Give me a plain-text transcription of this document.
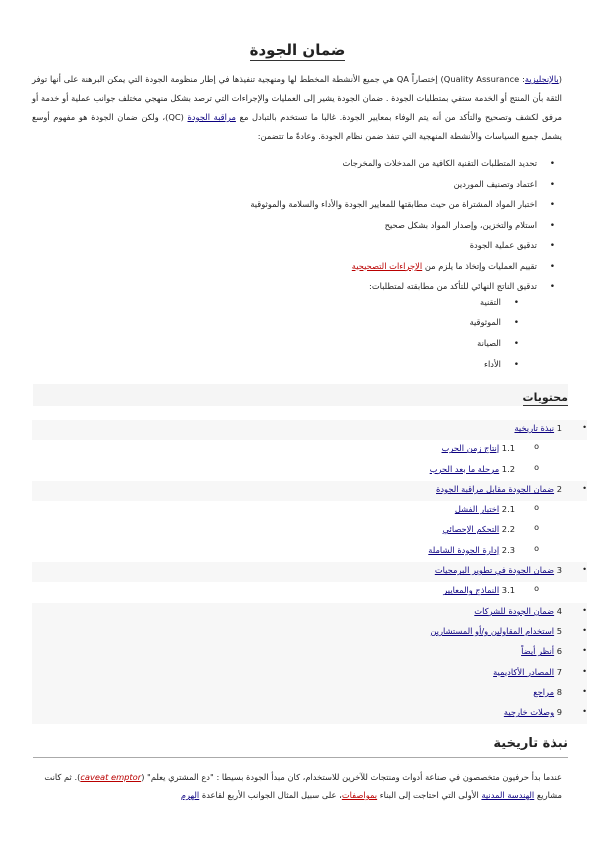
ضمان الجودة

(بالإنجليزية: Quality Assurance) إختصاراً QA هي جميع الأنشطة المخطط لها ومنهجية تنفيذها في إطار منظومة الجودة التي يمكن البرهنة على أنها توفر الثقة بأن المنتج أو الخدمة ستفي بمتطلبات الجودة . ضمان الجودة يشير إلى العمليات والإجراءات التي ترصد بشكل منهجي مختلف جوانب عملية أو خدمة أو مرفق لكشف وتصحيح والتأكد من أنه يتم الوفاء بمعايير الجودة. غالبا ما تستخدم بالتبادل مع مراقبة الجودة (QC)، ولكن ضمان الجودة هو مفهوم أوسع يشمل جميع السياسات والأنشطة المنهجية التي تنفذ ضمن نظام الجودة. وعادةً ما تتضمن:

• تحديد المتطلبات التقنية الكافية من المدخلات والمخرجات
• اعتماد وتصنيف الموردين
• اختبار المواد المشتراة من حيث مطابقتها للمعايير الجودة والأداء والسلامة والموثوقية
• استلام والتخزين، وإصدار المواد بشكل صحيح
• تدقيق عملية الجودة
• تقييم العمليات وإتخاذ ما يلزم من الإجراءات التصحيحية
• تدقيق الناتج النهائي للتأكد من مطابقته لمتطلبات:
• التقنية
• الموثوقية
• الصيانة
• الأداء
محتويات
• 1 نبذة تاريخية
o 1.1 إنتاج زمن الحرب
o 1.2 مرحلة ما بعد الحرب
• 2 ضمان الجودة مقابل مراقبة الجودة
o 2.1 اختبار الفشل
o 2.2 التحكم الإحصائي
o 2.3 إدارة الجودة الشاملة
• 3 ضمان الجودة في تطوير البرمجيات
o 3.1 النماذج والمعايير
• 4 ضمان الجودة للشركات
• 5 استخدام المقاولين و/أو المستشارين
• 6 أنظر أيضاً
• 7 المصادر الأكاديمية
• 8 مراجع
• 9 وصلات خارجية
نبذة تاريخية

عندما بدأ حرفيون متخصصون في صناعة أدوات ومنتجات للآخرين للاستخدام، كان مبدأ الجودة بسيطا : "دع المشتري يعلم" (caveat emptor). ثم كانت مشاريع الهندسة المدنية الأولى التي احتاجت إلى البناء بمواصفات، على سبيل المثال الجوانب الأربع لقاعدة الهرم
